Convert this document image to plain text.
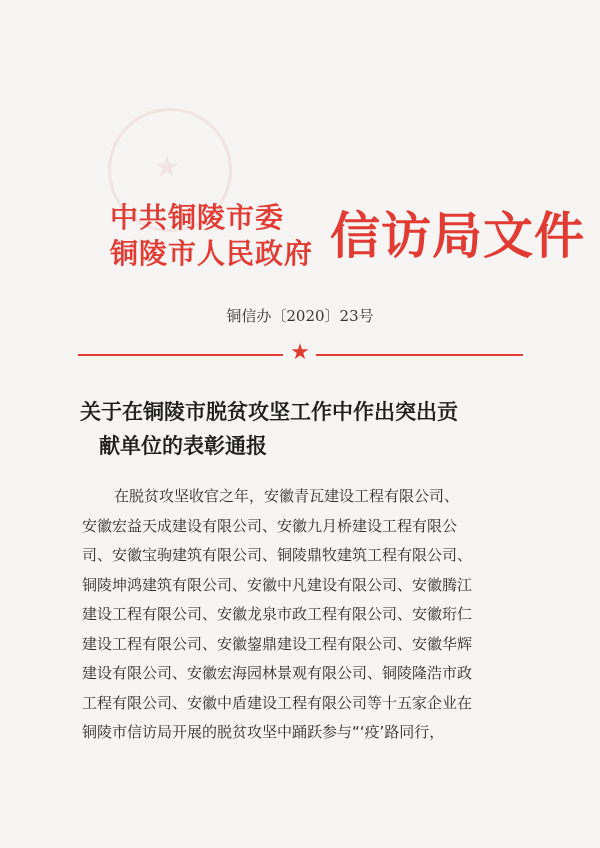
★
中共铜陵市委
铜陵市人民政府 信访局文件
铜信办〔2020〕23号
★
关于在铜陵市脱贫攻坚工作中作出突出贡
献单位的表彰通报
在脱贫攻坚收官之年，安徽青瓦建设工程有限公司、
安徽宏益天成建设有限公司、安徽九月桥建设工程有限公
司、安徽宝驹建筑有限公司、铜陵鼎牧建筑工程有限公司、
铜陵坤鸿建筑有限公司、安徽中凡建设有限公司、安徽腾江
建设工程有限公司、安徽龙泉市政工程有限公司、安徽珩仁
建设工程有限公司、安徽鋆鼎建设工程有限公司、安徽华辉
建设有限公司、安徽宏海园林景观有限公司、铜陵隆浩市政
工程有限公司、安徽中盾建设工程有限公司等十五家企业在
铜陵市信访局开展的脱贫攻坚中踊跃参与“‘疫’路同行，
